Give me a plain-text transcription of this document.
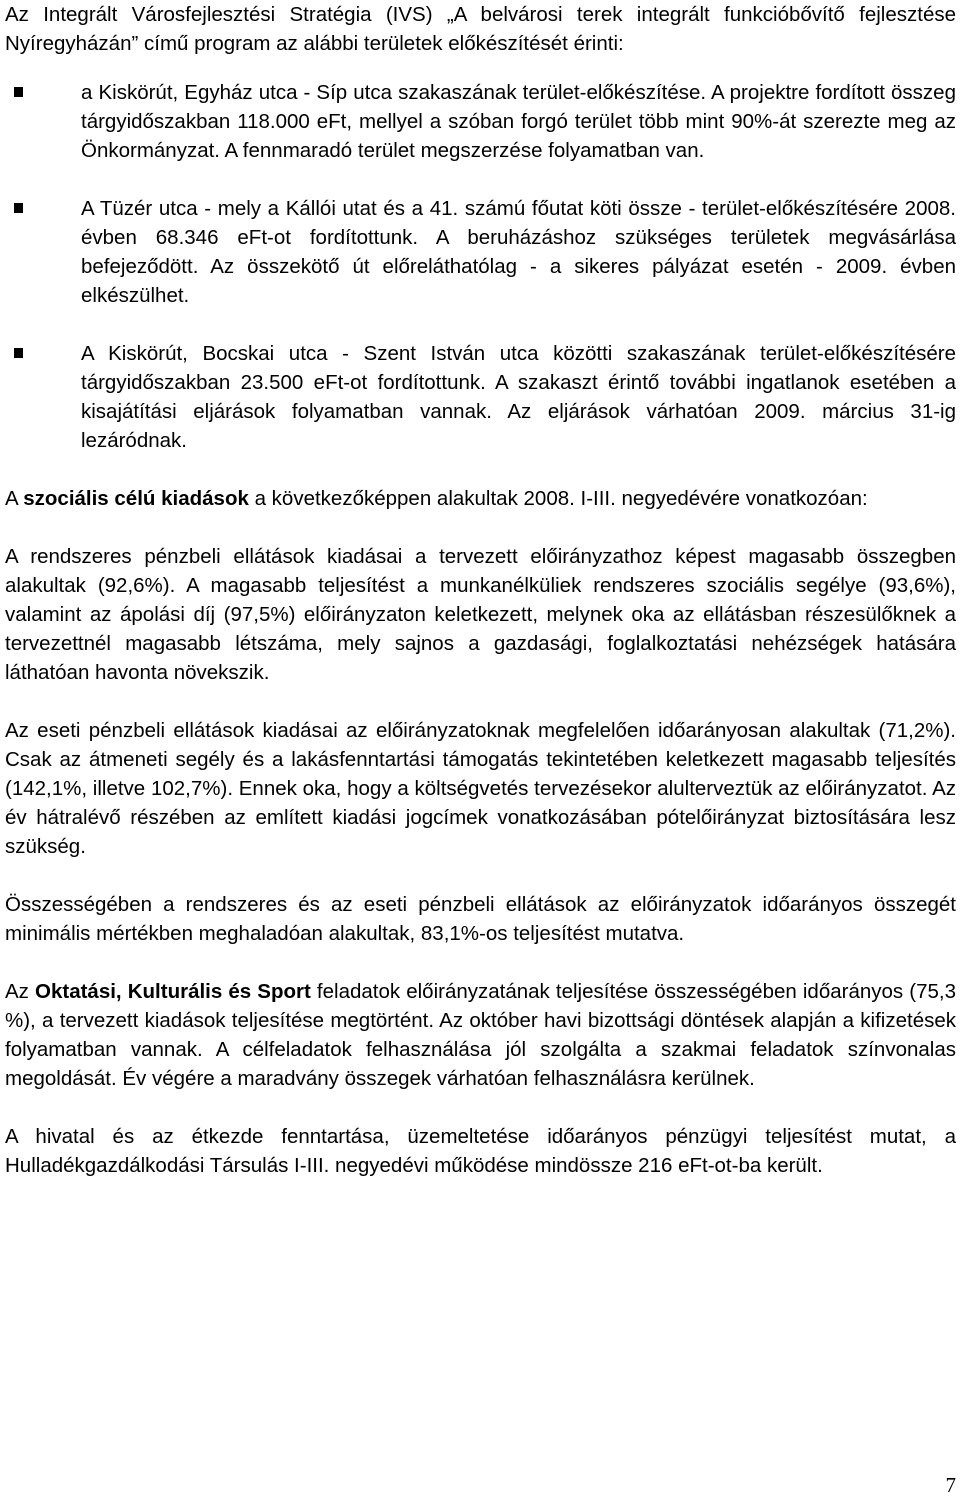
Az Integrált Városfejlesztési Stratégia (IVS) „A belvárosi terek integrált funkcióbővítő fejlesztése Nyíregyházán” című program az alábbi területek előkészítését érinti:

a Kiskörút, Egyház utca - Síp utca szakaszának terület-előkészítése. A projektre fordított összeg tárgyidőszakban 118.000 eFt, mellyel a szóban forgó terület több mint 90%-át szerezte meg az Önkormányzat. A fennmaradó terület megszerzése folyamatban van.

A Tüzér utca - mely a Kállói utat és a 41. számú főutat köti össze - terület-előkészítésére 2008. évben 68.346 eFt-ot fordítottunk. A beruházáshoz szükséges területek megvásárlása befejeződött. Az összekötő út előreláthatólag - a sikeres pályázat esetén - 2009. évben elkészülhet.

A Kiskörút, Bocskai utca - Szent István utca közötti szakaszának terület-előkészítésére tárgyidőszakban 23.500 eFt-ot fordítottunk. A szakaszt érintő további ingatlanok esetében a kisajátítási eljárások folyamatban vannak. Az eljárások várhatóan 2009. március 31-ig lezáródnak.

A szociális célú kiadások a következőképpen alakultak 2008. I-III. negyedévére vonatkozóan:

A rendszeres pénzbeli ellátások kiadásai a tervezett előirányzathoz képest magasabb összegben alakultak (92,6%). A magasabb teljesítést a munkanélküliek rendszeres szociális segélye (93,6%), valamint az ápolási díj (97,5%) előirányzaton keletkezett, melynek oka az ellátásban részesülőknek a tervezettnél magasabb létszáma, mely sajnos a gazdasági, foglalkoztatási nehézségek hatására láthatóan havonta növekszik.

Az eseti pénzbeli ellátások kiadásai az előirányzatoknak megfelelően időarányosan alakultak (71,2%). Csak az átmeneti segély és a lakásfenntartási támogatás tekintetében keletkezett magasabb teljesítés (142,1%, illetve 102,7%). Ennek oka, hogy a költségvetés tervezésekor alulterveztük az előirányzatot. Az év hátralévő részében az említett kiadási jogcímek vonatkozásában pótelőirányzat biztosítására lesz szükség.

Összességében a rendszeres és az eseti pénzbeli ellátások az előirányzatok időarányos összegét minimális mértékben meghaladóan alakultak, 83,1%-os teljesítést mutatva.

Az Oktatási, Kulturális és Sport feladatok előirányzatának teljesítése összességében időarányos (75,3 %), a tervezett kiadások teljesítése megtörtént. Az október havi bizottsági döntések alapján a kifizetések folyamatban vannak. A célfeladatok felhasználása jól szolgálta a szakmai feladatok színvonalas megoldását. Év végére a maradvány összegek várhatóan felhasználásra kerülnek.

A hivatal és az étkezde fenntartása, üzemeltetése időarányos pénzügyi teljesítést mutat, a Hulladékgazdálkodási Társulás I-III. negyedévi működése mindössze 216 eFt-ot-ba került.

7
